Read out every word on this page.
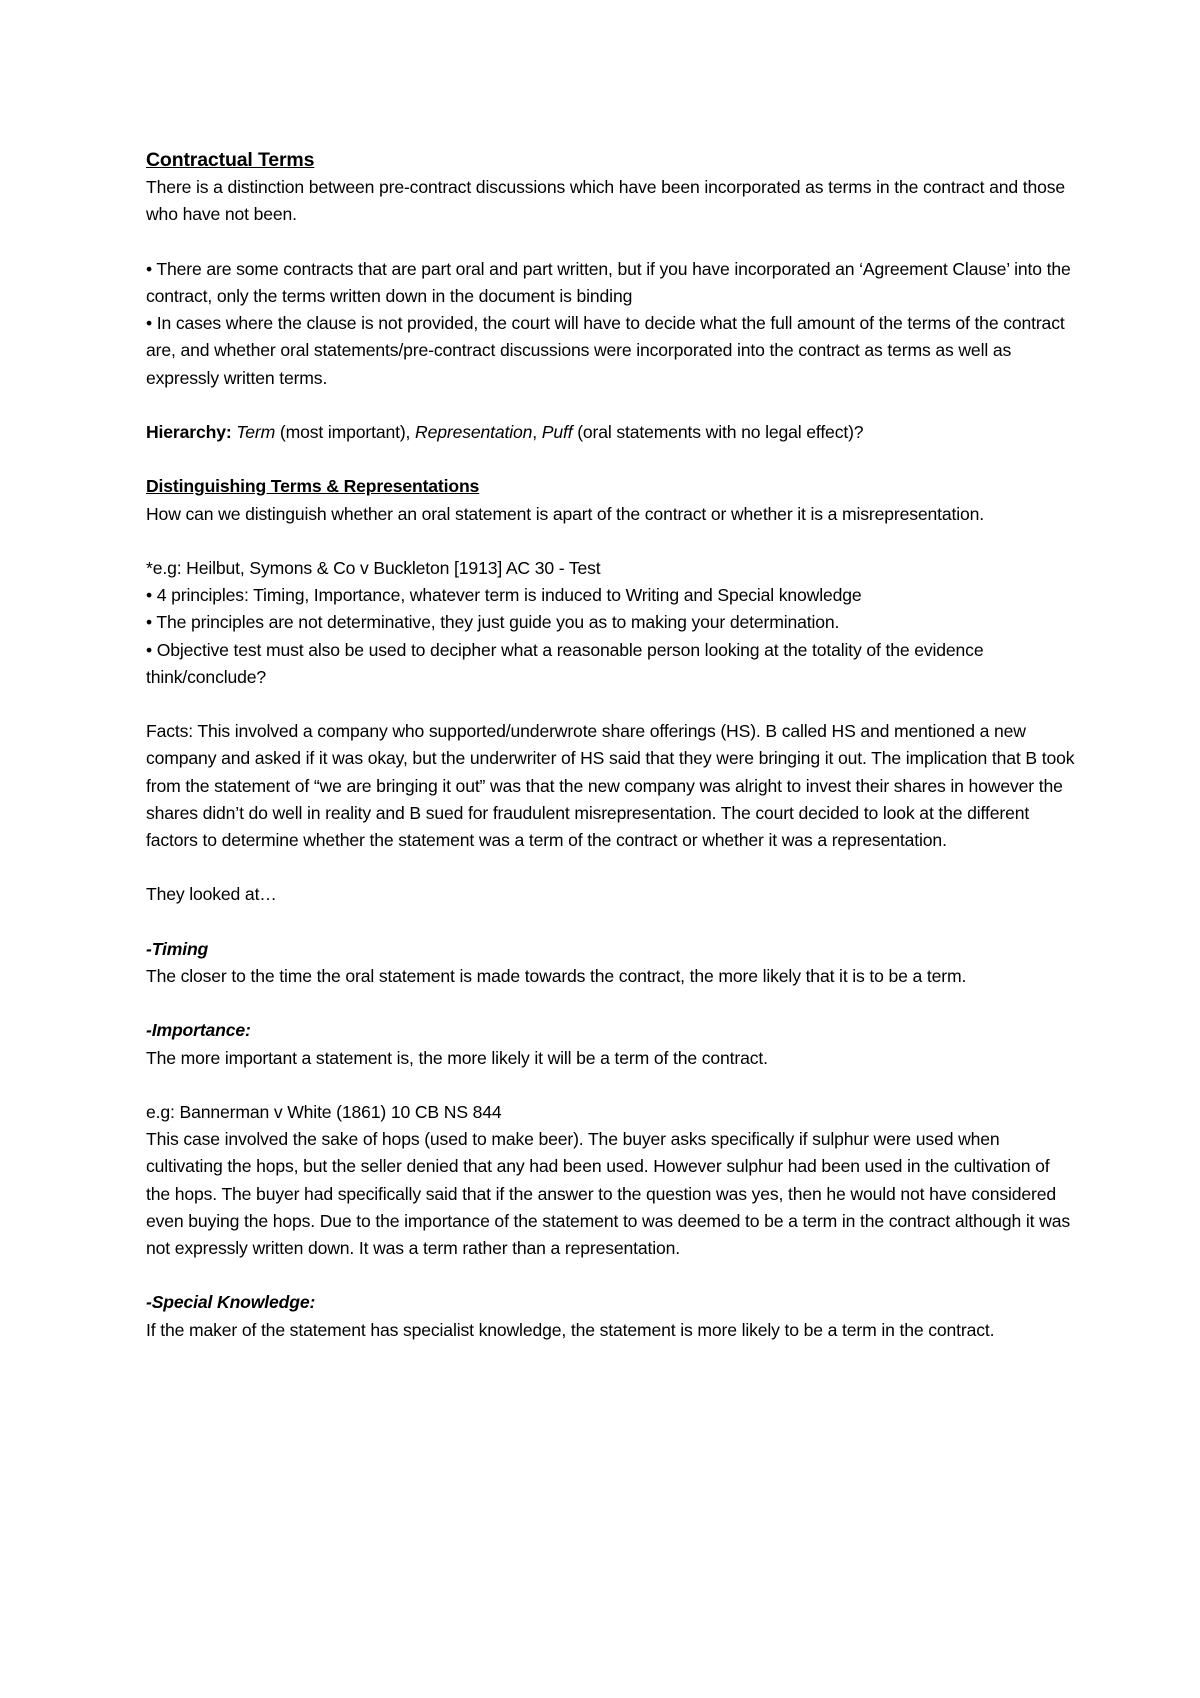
Contractual Terms

There is a distinction between pre-contract discussions which have been incorporated as terms in the contract and those who have not been.

• There are some contracts that are part oral and part written, but if you have incorporated an ‘Agreement Clause’ into the contract, only the terms written down in the document is binding

• In cases where the clause is not provided, the court will have to decide what the full amount of the terms of the contract are, and whether oral statements/pre-contract discussions were incorporated into the contract as terms as well as expressly written terms.

Hierarchy: Term (most important), Representation, Puff (oral statements with no legal effect)?

Distinguishing Terms & Representations

How can we distinguish whether an oral statement is apart of the contract or whether it is a misrepresentation.

*e.g: Heilbut, Symons & Co v Buckleton [1913] AC 30 - Test

• 4 principles: Timing, Importance, whatever term is induced to Writing and Special knowledge

• The principles are not determinative, they just guide you as to making your determination.

• Objective test must also be used to decipher what a reasonable person looking at the totality of the evidence think/conclude?

Facts: This involved a company who supported/underwrote share offerings (HS). B called HS and mentioned a new company and asked if it was okay, but the underwriter of HS said that they were bringing it out. The implication that B took from the statement of “we are bringing it out” was that the new company was alright to invest their shares in however the shares didn’t do well in reality and B sued for fraudulent misrepresentation. The court decided to look at the different factors to determine whether the statement was a term of the contract or whether it was a representation.

They looked at…

-Timing

The closer to the time the oral statement is made towards the contract, the more likely that it is to be a term.

-Importance:

The more important a statement is, the more likely it will be a term of the contract.

e.g: Bannerman v White (1861) 10 CB NS 844

This case involved the sake of hops (used to make beer). The buyer asks specifically if sulphur were used when cultivating the hops, but the seller denied that any had been used. However sulphur had been used in the cultivation of the hops. The buyer had specifically said that if the answer to the question was yes, then he would not have considered even buying the hops. Due to the importance of the statement to was deemed to be a term in the contract although it was not expressly written down. It was a term rather than a representation.

-Special Knowledge:

If the maker of the statement has specialist knowledge, the statement is more likely to be a term in the contract.
